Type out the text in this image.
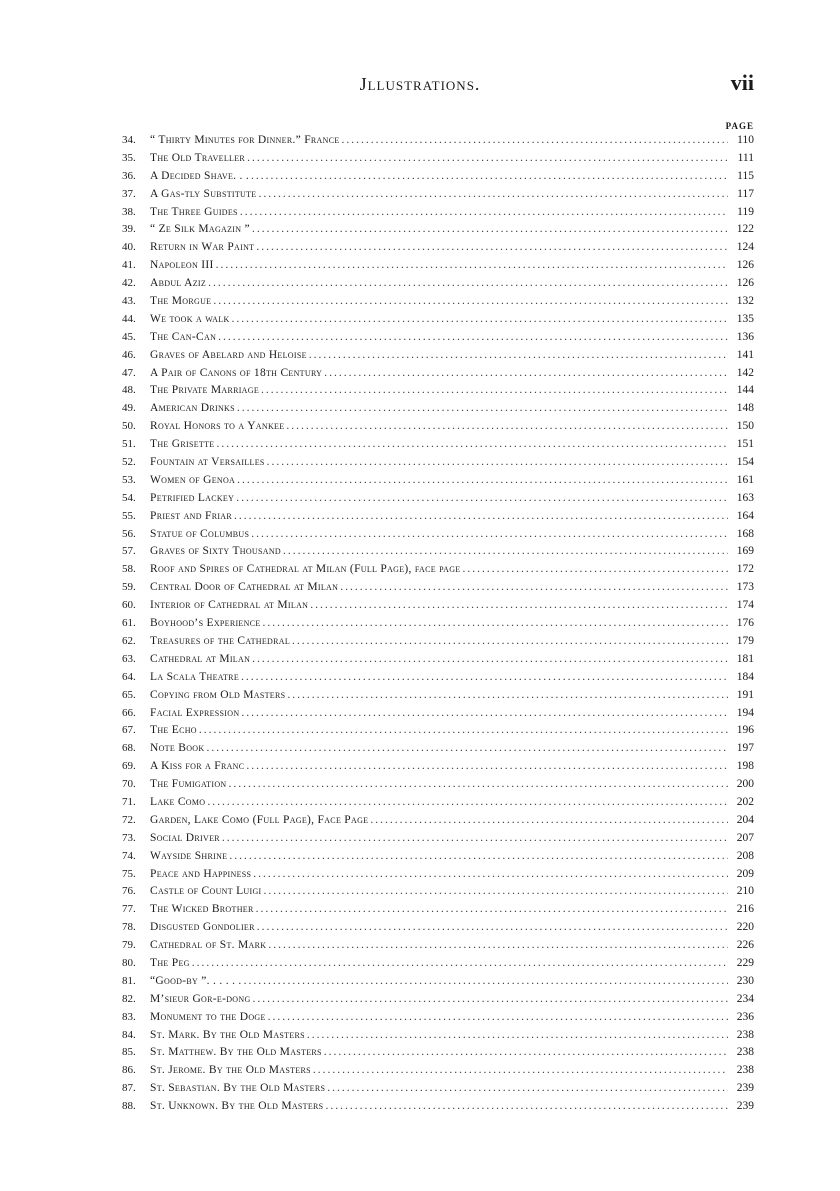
Jllustrations.	vii
PAGE
34.	“ Thirty Minutes for Dinner.” France .....	110
35.	The Old Traveller .....	111
36.	A Decided Shave. . . .....	115
37.	A Gas-tly Substitute .....	117
38.	The Three Guides .....	119
39.	“ Ze Silk Magazin ” .....	122
40.	Return in War Paint .....	124
41.	Napoleon III .....	126
42.	Abdul Aziz .....	126
43.	The Morgue .....	132
44.	We took a walk .....	135
45.	The Can-Can .....	136
46.	Graves of Abelard and Heloise .....	141
47.	A Pair of Canons of 18th Century .....	142
48.	The Private Marriage .....	144
49.	American Drinks .....	148
50.	Royal Honors to a Yankee .....	150
51.	The Grisette .....	151
52.	Fountain at Versailles .....	154
53.	Women of Genoa .....	161
54.	Petrified Lackey .....	163
55.	Priest and Friar .....	164
56.	Statue of Columbus .....	168
57.	Graves of Sixty Thousand .....	169
58.	Roof and Spires of Cathedral at Milan (Full Page), face page .....	172
59.	Central Door of Cathedral at Milan .....	173
60.	Interior of Cathedral at Milan .....	174
61.	Boyhood’s Experience .....	176
62.	Treasures of the Cathedral .....	179
63.	Cathedral at Milan .....	181
64.	La Scala Theatre .....	184
65.	Copying from Old Masters .....	191
66.	Facial Expression .....	194
67.	The Echo .....	196
68.	Note Book .....	197
69.	A Kiss for a Franc .....	198
70.	The Fumigation .....	200
71.	Lake Como .....	202
72.	Garden, Lake Como (Full Page), Face Page .....	204
73.	Social Driver .....	207
74.	Wayside Shrine .....	208
75.	Peace and Happiness .....	209
76.	Castle of Count Luigi .....	210
77.	The Wicked Brother .....	216
78.	Disgusted Gondolier .....	220
79.	Cathedral of St. Mark .....	226
80.	The Peg .....	229
81.	“Good-by ”. . . . . . .....	230
82.	M’sieur Gor-e-dong .....	234
83.	Monument to the Doge .....	236
84.	St. Mark. By the Old Masters .....	238
85.	St. Matthew. By the Old Masters .....	238
86.	St. Jerome. By the Old Masters .....	238
87.	St. Sebastian. By the Old Masters .....	239
88.	St. Unknown. By the Old Masters .....	239
